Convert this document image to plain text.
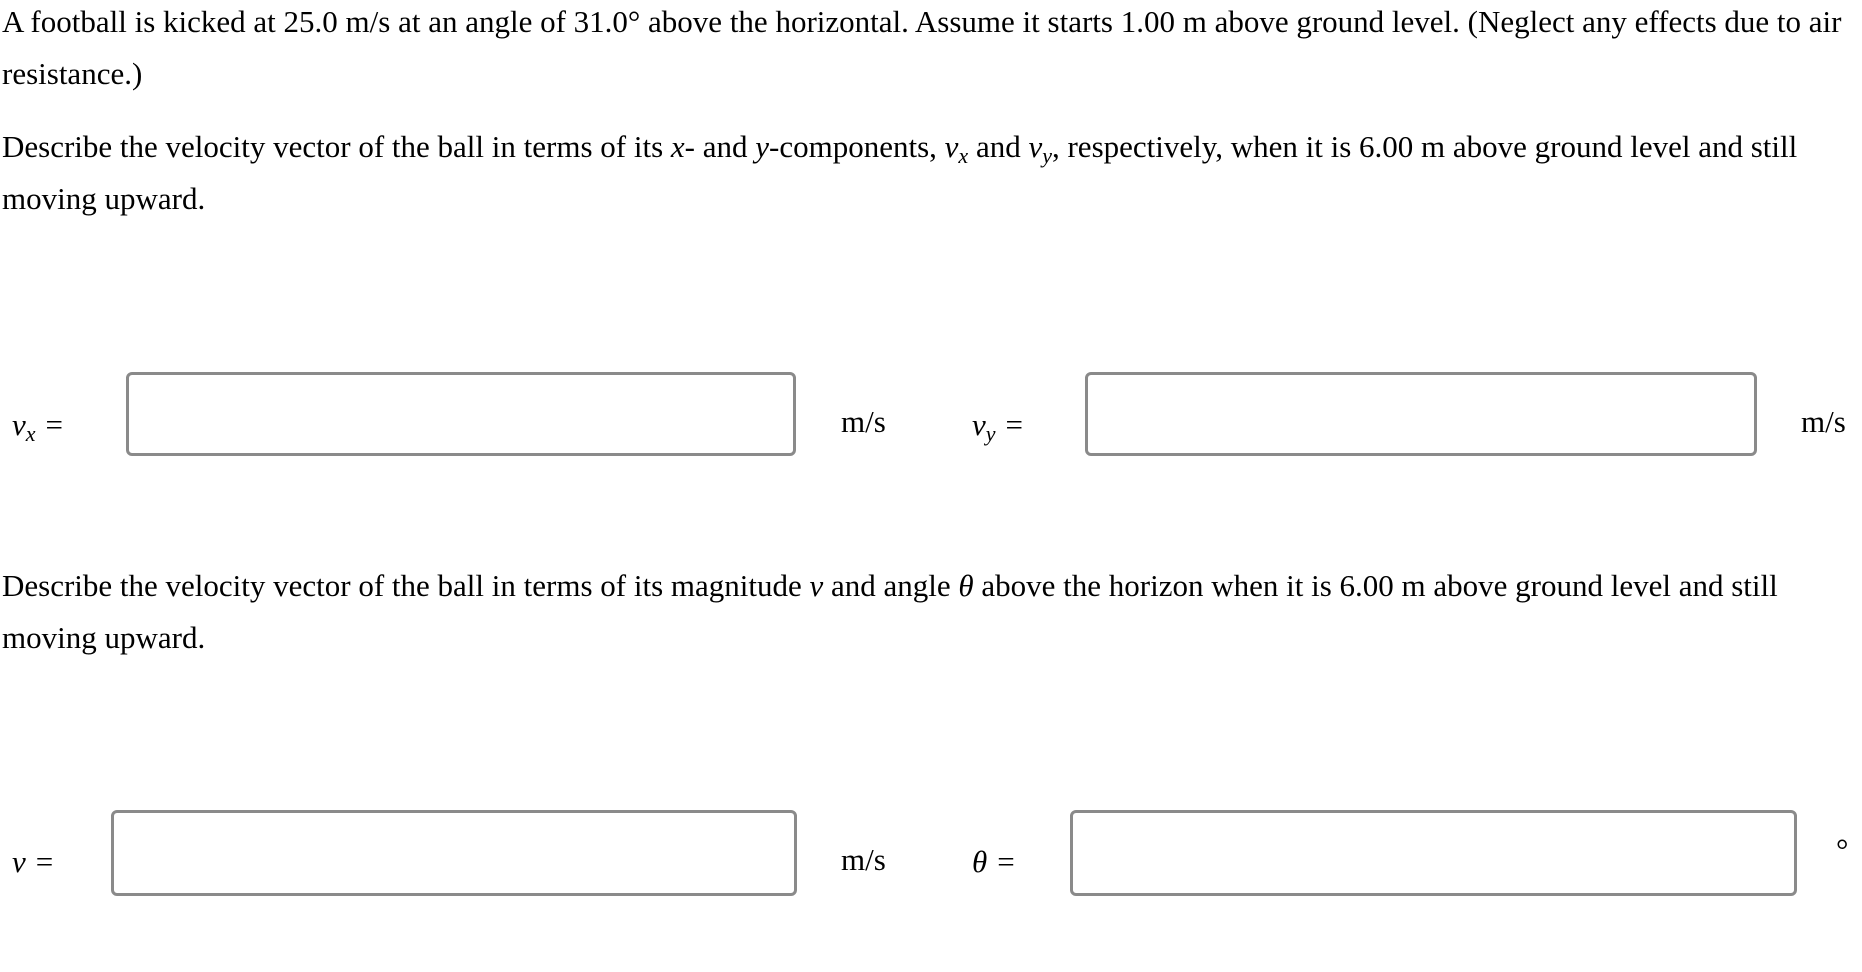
A football is kicked at 25.0 m/s at an angle of 31.0° above the horizontal. Assume it starts 1.00 m above ground level. (Neglect any effects due to air resistance.)

Describe the velocity vector of the ball in terms of its x- and y-components, $v_x$ and $v_y$, respectively, when it is 6.00 m above ground level and still moving upward.

$v_x$ =	m/s	$v_y$ =	m/s

Describe the velocity vector of the ball in terms of its magnitude v and angle θ above the horizon when it is 6.00 m above ground level and still moving upward.

v =	m/s	θ =	°
